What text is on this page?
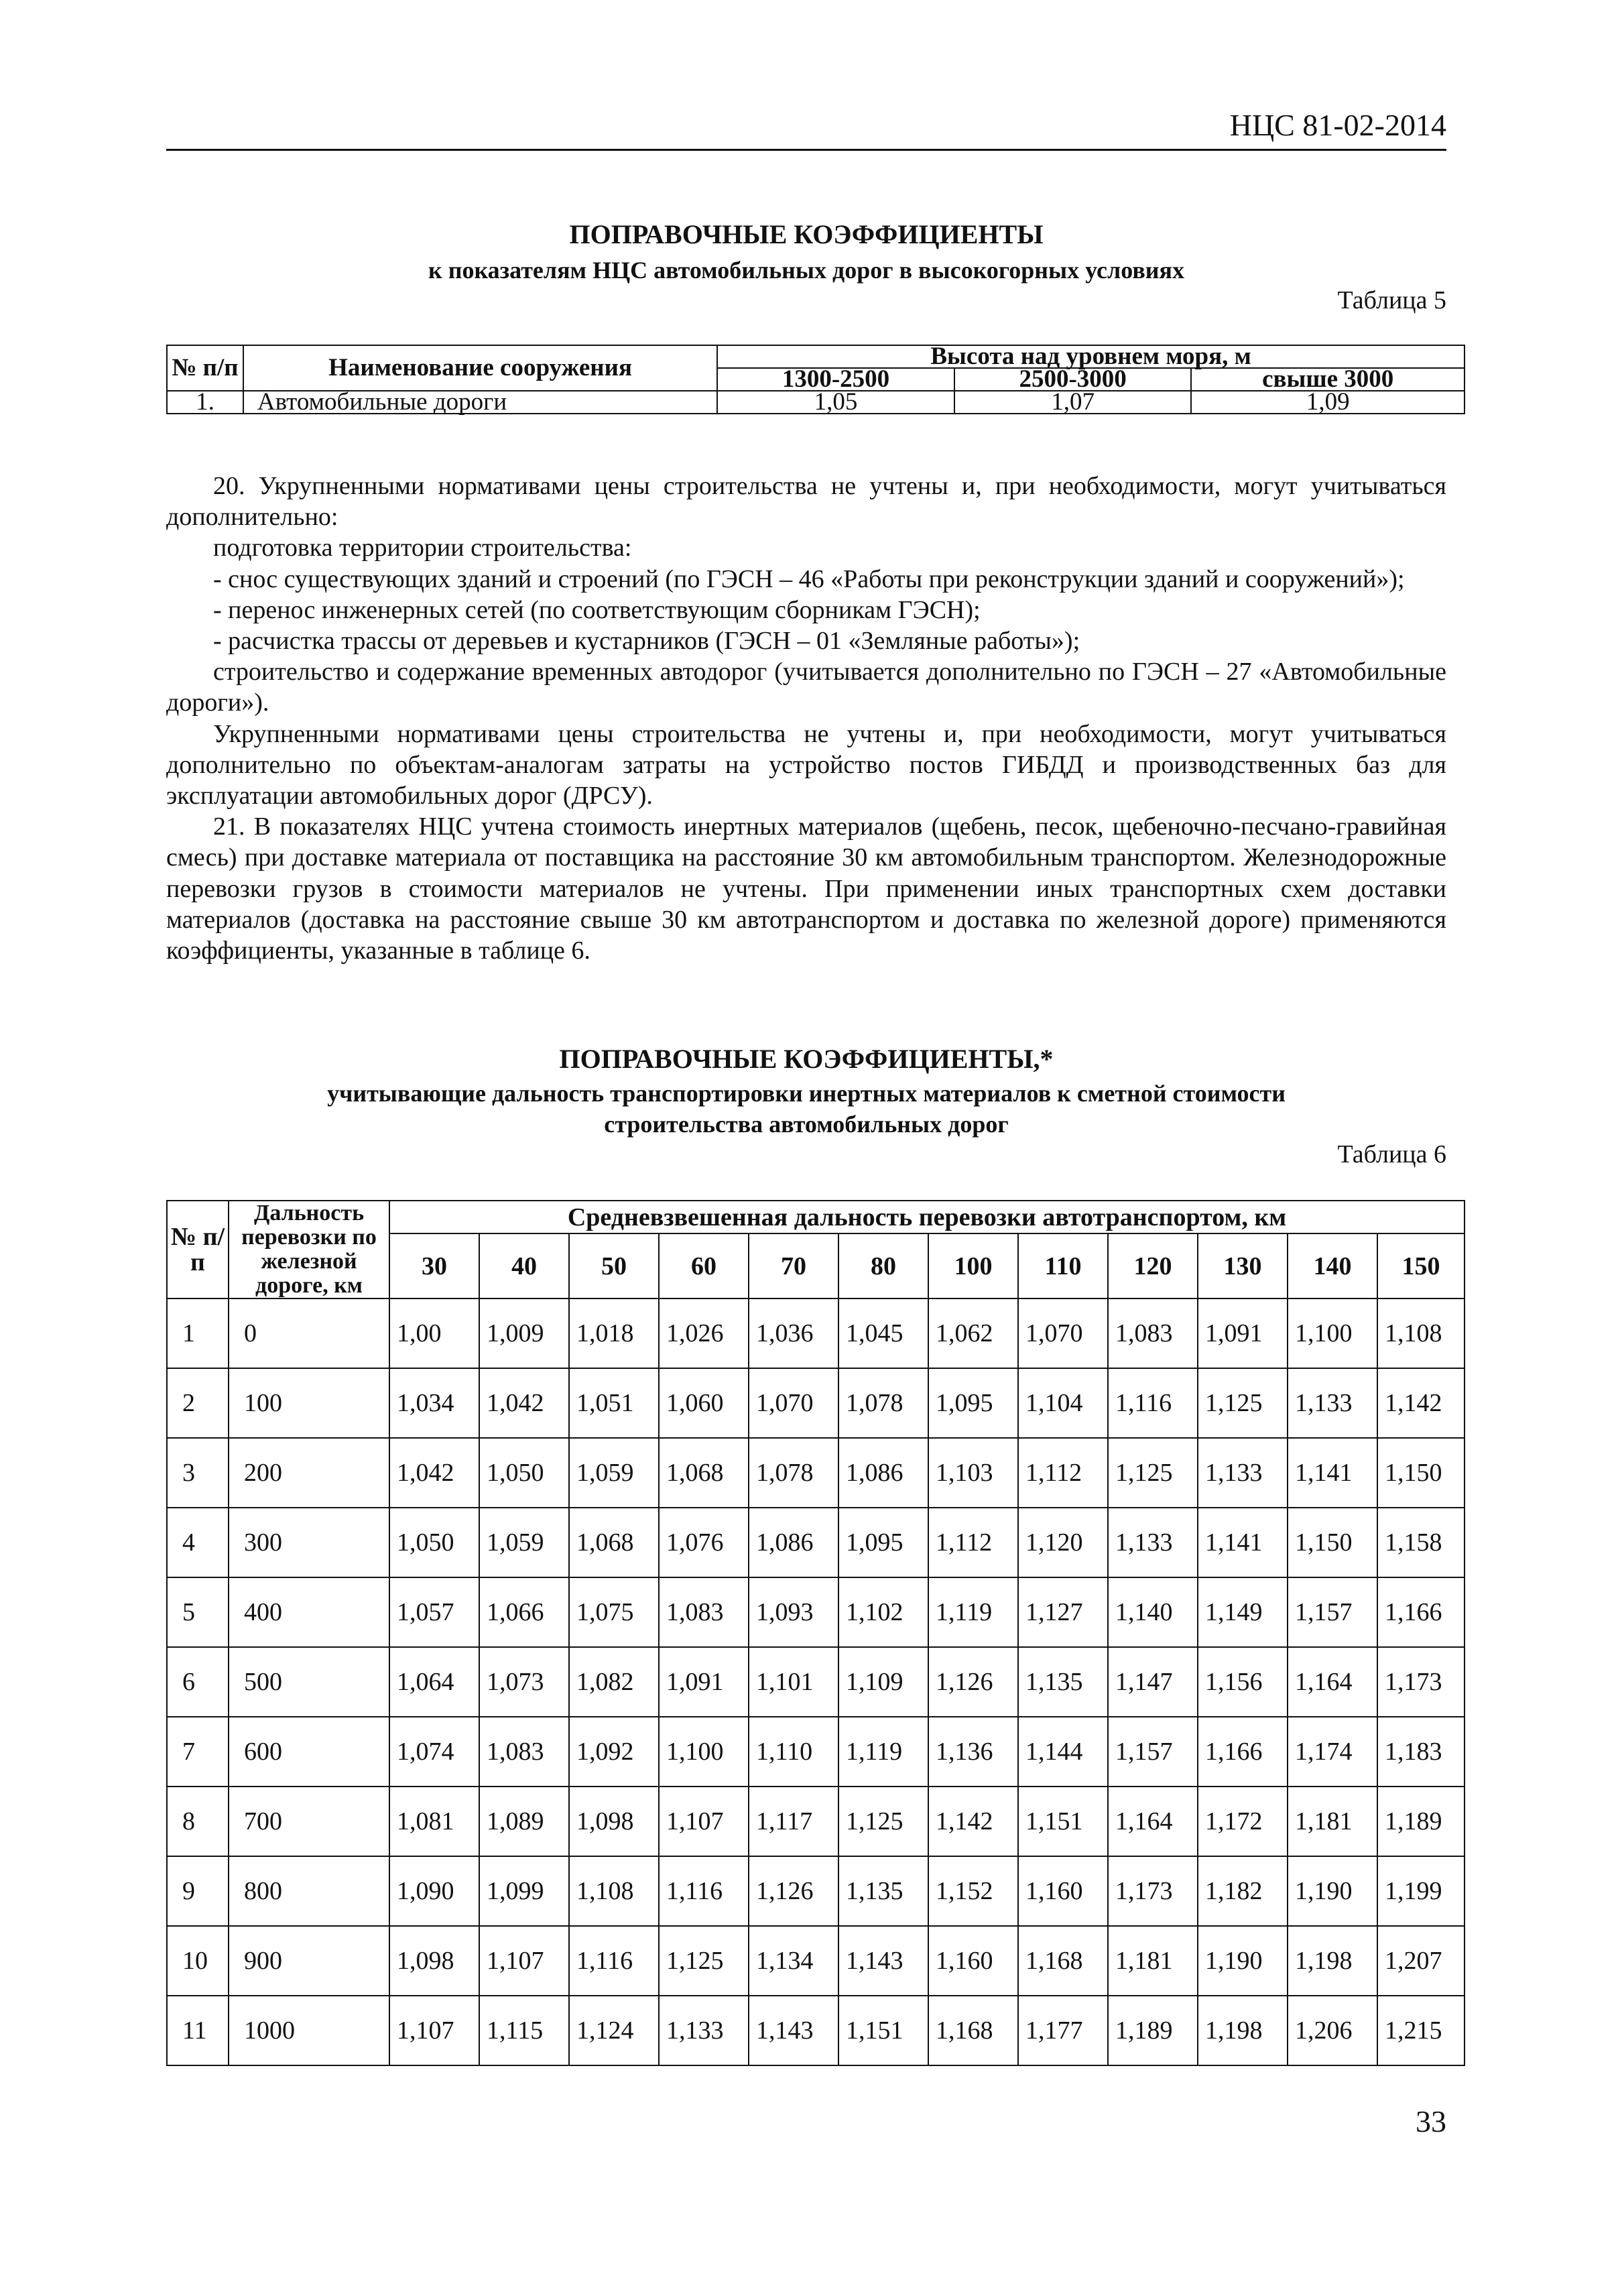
НЦС 81-02-2014
ПОПРАВОЧНЫЕ КОЭФФИЦИЕНТЫ
к показателям НЦС автомобильных дорог в высокогорных условиях
Таблица 5
№ п/п	Наименование сооружения	Высота над уровнем моря, м		
		1300-2500	2500-3000	свыше 3000
1.	Автомобильные дороги	1,05	1,07	1,09

20. Укрупненными нормативами цены строительства не учтены и, при необходимости, могут учитываться дополнительно:

подготовка территории строительства:

- снос существующих зданий и строений (по ГЭСН – 46 «Работы при реконструкции зданий и сооружений»);

- перенос инженерных сетей (по соответствующим сборникам ГЭСН);

- расчистка трассы от деревьев и кустарников (ГЭСН – 01 «Земляные работы»);

строительство и содержание временных автодорог (учитывается дополнительно по ГЭСН – 27 «Автомобильные дороги»).

Укрупненными нормативами цены строительства не учтены и, при необходимости, могут учитываться дополнительно по объектам-аналогам затраты на устройство постов ГИБДД и производственных баз для эксплуатации автомобильных дорог (ДРСУ).

21. В показателях НЦС учтена стоимость инертных материалов (щебень, песок, щебеночно-песчано-гравийная смесь) при доставке материала от поставщика на расстояние 30 км автомобильным транспортом. Железнодорожные перевозки грузов в стоимости материалов не учтены. При применении иных транспортных схем доставки материалов (доставка на расстояние свыше 30 км автотранспортом и доставка по железной дороге) применяются коэффициенты, указанные в таблице 6.

ПОПРАВОЧНЫЕ КОЭФФИЦИЕНТЫ,*
учитывающие дальность транспортировки инертных материалов к сметной стоимости
строительства автомобильных дорог
Таблица 6
№ п/п	Дальность перевозки по железной дороге, км	Средневзвешенная дальность перевозки автотранспортом, км											
		30	40	50	60	70	80	100	110	120	130	140	150
1	0	1,00	1,009	1,018	1,026	1,036	1,045	1,062	1,070	1,083	1,091	1,100	1,108
2	100	1,034	1,042	1,051	1,060	1,070	1,078	1,095	1,104	1,116	1,125	1,133	1,142
3	200	1,042	1,050	1,059	1,068	1,078	1,086	1,103	1,112	1,125	1,133	1,141	1,150
4	300	1,050	1,059	1,068	1,076	1,086	1,095	1,112	1,120	1,133	1,141	1,150	1,158
5	400	1,057	1,066	1,075	1,083	1,093	1,102	1,119	1,127	1,140	1,149	1,157	1,166
6	500	1,064	1,073	1,082	1,091	1,101	1,109	1,126	1,135	1,147	1,156	1,164	1,173
7	600	1,074	1,083	1,092	1,100	1,110	1,119	1,136	1,144	1,157	1,166	1,174	1,183
8	700	1,081	1,089	1,098	1,107	1,117	1,125	1,142	1,151	1,164	1,172	1,181	1,189
9	800	1,090	1,099	1,108	1,116	1,126	1,135	1,152	1,160	1,173	1,182	1,190	1,199
10	900	1,098	1,107	1,116	1,125	1,134	1,143	1,160	1,168	1,181	1,190	1,198	1,207
11	1000	1,107	1,115	1,124	1,133	1,143	1,151	1,168	1,177	1,189	1,198	1,206	1,215
33
